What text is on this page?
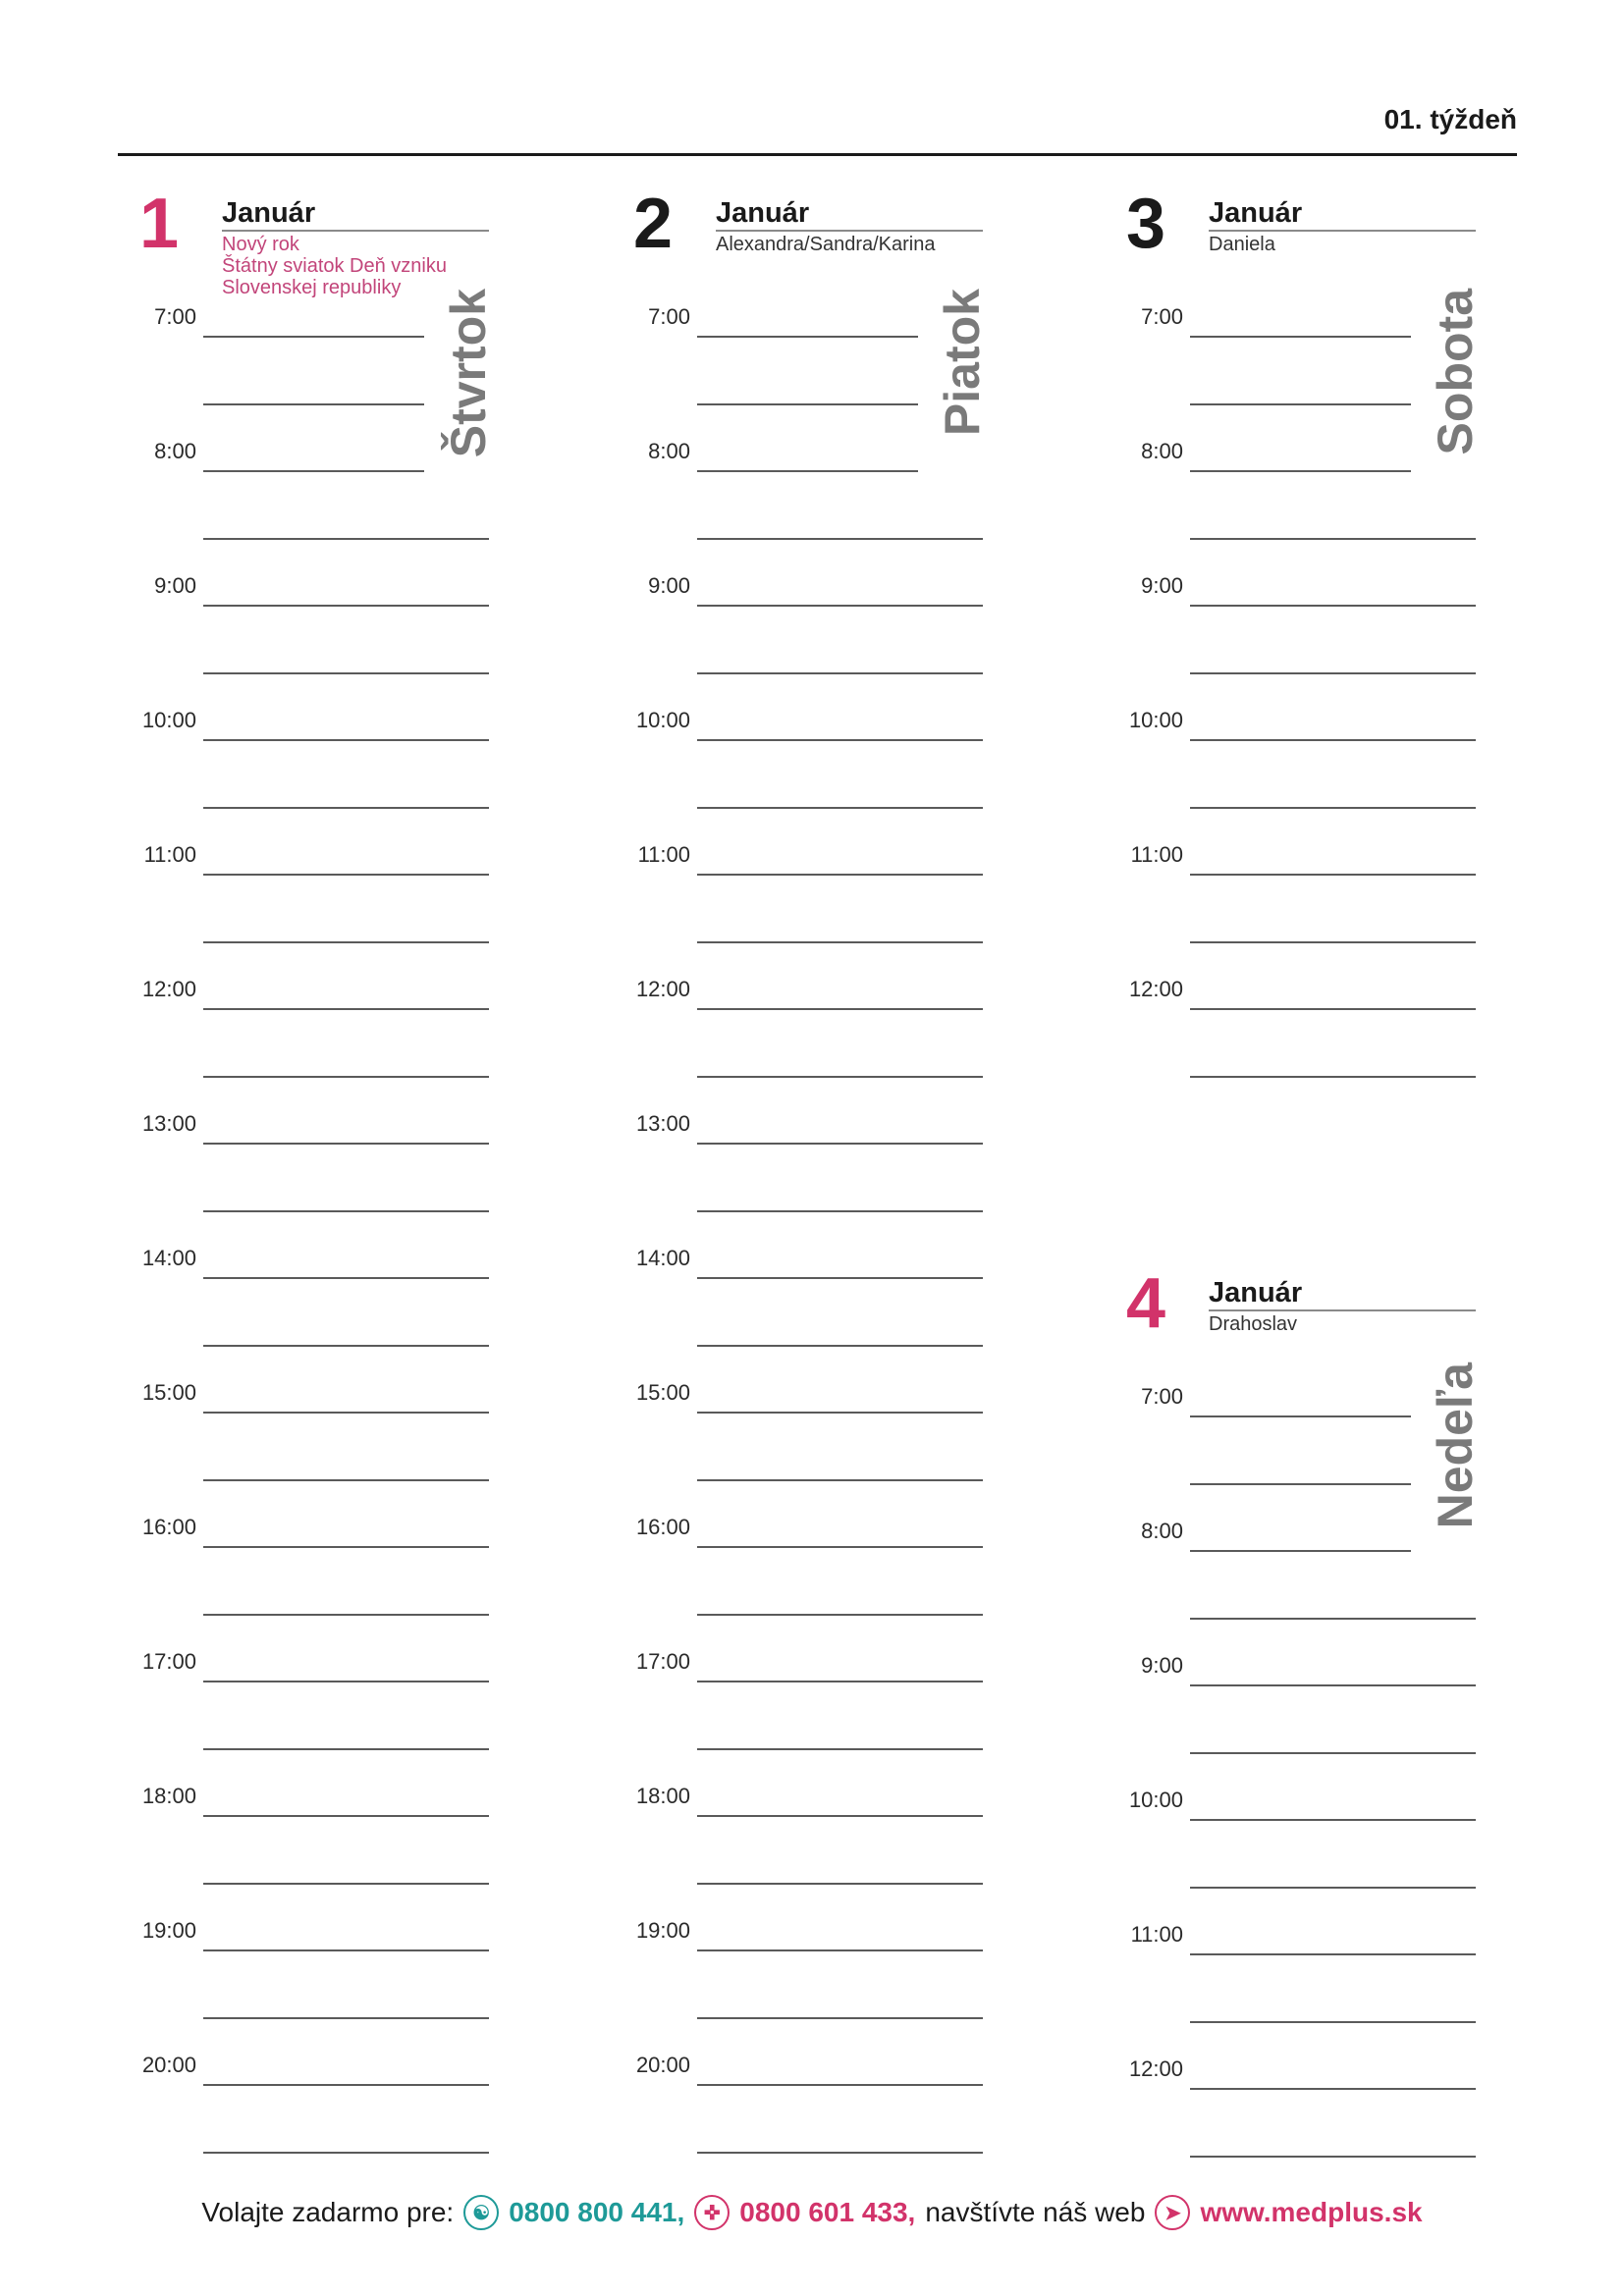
01. týždeň
1 Január
Nový rok
Štátny sviatok Deň vzniku
Slovenskej republiky
Štvrtok
7:00
8:00
9:00
10:00
11:00
12:00
13:00
14:00
15:00
16:00
17:00
18:00
19:00
20:00
2 Január
Alexandra/Sandra/Karina
Piatok
7:00
8:00
9:00
10:00
11:00
12:00
13:00
14:00
15:00
16:00
17:00
18:00
19:00
20:00
3 Január
Daniela
Sobota
7:00
8:00
9:00
10:00
11:00
12:00
4 Január
Drahoslav
Nedeľa
7:00
8:00
9:00
10:00
11:00
12:00
Volajte zadarmo pre: ☯ 0800 800 441, ✜ 0800 601 433, navštívte náš web ➤ www.medplus.sk
